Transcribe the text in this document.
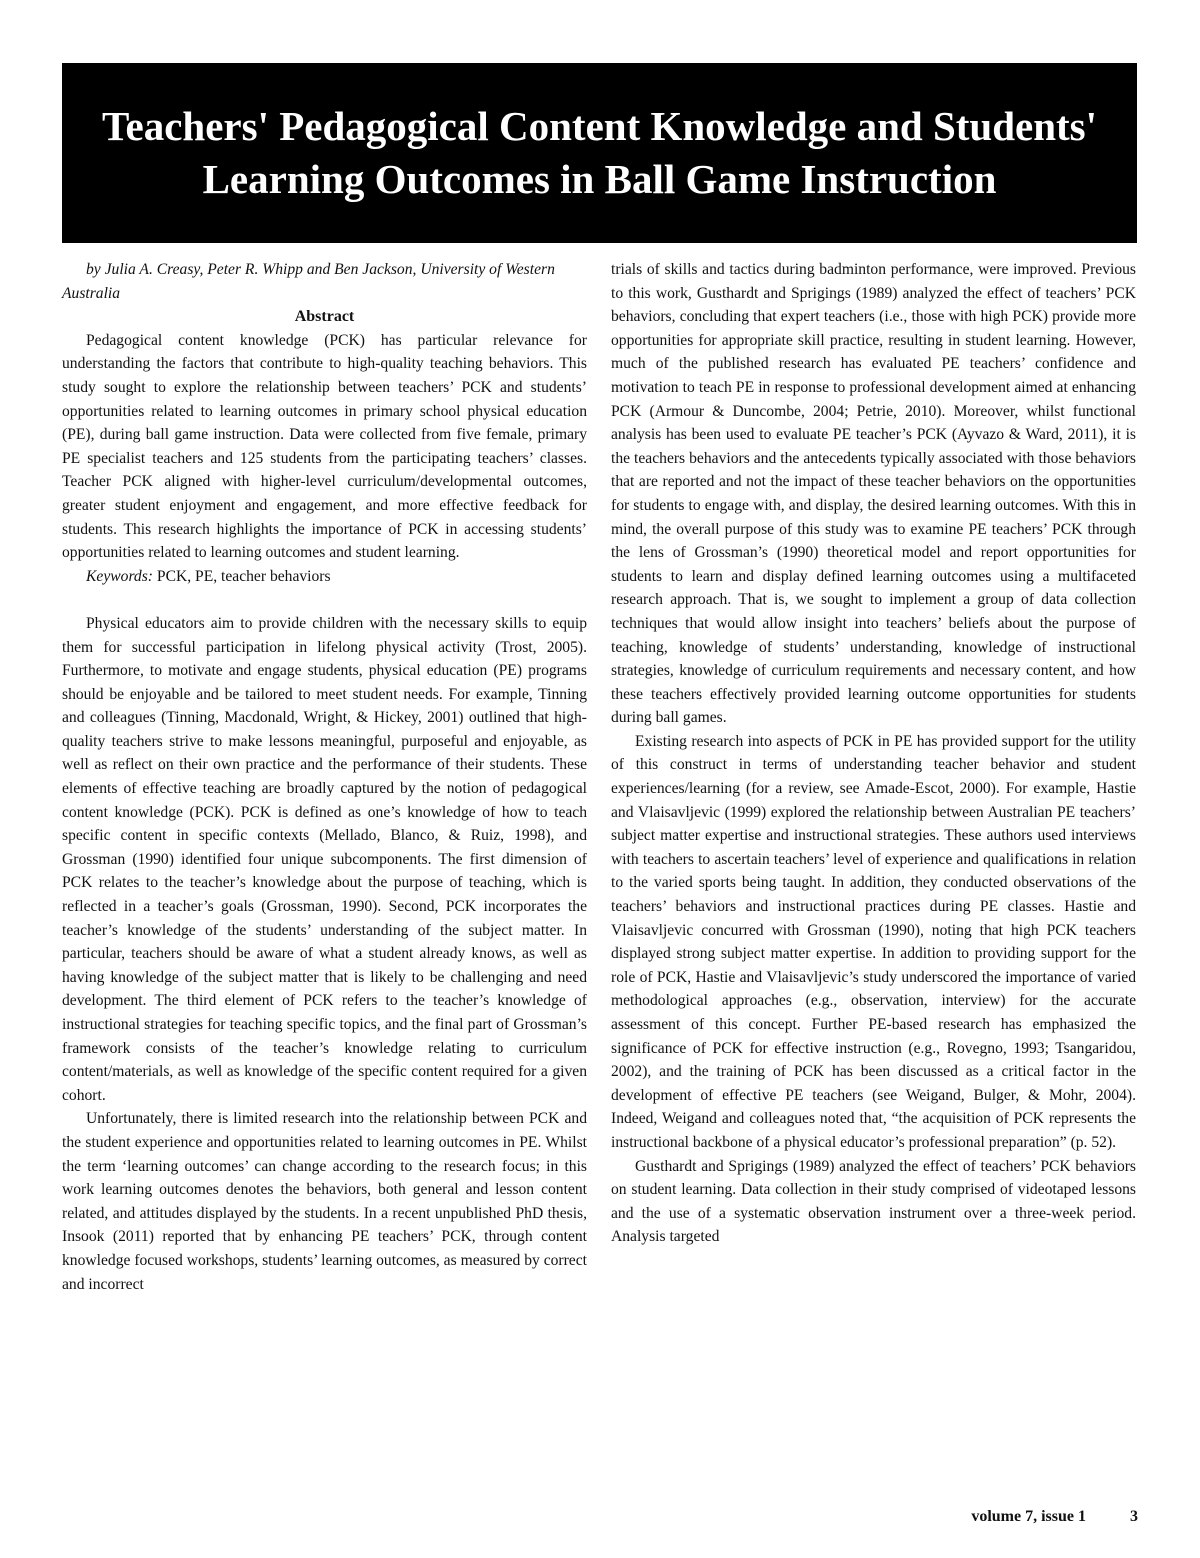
Teachers' Pedagogical Content Knowledge and Students' Learning Outcomes in Ball Game Instruction

by Julia A. Creasy, Peter R. Whipp and Ben Jackson, University of Western Australia

Abstract

Pedagogical content knowledge (PCK) has particular relevance for understanding the factors that contribute to high-quality teaching behaviors. This study sought to explore the relationship between teachers’ PCK and students’ opportunities related to learning outcomes in primary school physical education (PE), during ball game instruction. Data were collected from five female, primary PE specialist teachers and 125 students from the participating teachers’ classes. Teacher PCK aligned with higher-level curriculum/developmental outcomes, greater student enjoyment and engagement, and more effective feedback for students. This research highlights the importance of PCK in accessing students’ opportunities related to learning outcomes and student learning.

Keywords: PCK, PE, teacher behaviors

Physical educators aim to provide children with the necessary skills to equip them for successful participation in lifelong physical activity (Trost, 2005). Furthermore, to motivate and engage students, physical education (PE) programs should be enjoyable and be tailored to meet student needs. For example, Tinning and colleagues (Tinning, Macdonald, Wright, & Hickey, 2001) outlined that high-quality teachers strive to make lessons meaningful, purposeful and enjoyable, as well as reflect on their own practice and the performance of their students. These elements of effective teaching are broadly captured by the notion of pedagogical content knowledge (PCK). PCK is defined as one’s knowledge of how to teach specific content in specific contexts (Mellado, Blanco, & Ruiz, 1998), and Grossman (1990) identified four unique subcomponents. The first dimension of PCK relates to the teacher’s knowledge about the purpose of teaching, which is reflected in a teacher’s goals (Grossman, 1990). Second, PCK incorporates the teacher’s knowledge of the students’ understanding of the subject matter. In particular, teachers should be aware of what a student already knows, as well as having knowledge of the subject matter that is likely to be challenging and need development. The third element of PCK refers to the teacher’s knowledge of instructional strategies for teaching specific topics, and the final part of Grossman’s framework consists of the teacher’s knowledge relating to curriculum content/materials, as well as knowledge of the specific content required for a given cohort.

Unfortunately, there is limited research into the relationship between PCK and the student experience and opportunities related to learning outcomes in PE. Whilst the term ‘learning outcomes’ can change according to the research focus; in this work learning outcomes denotes the behaviors, both general and lesson content related, and attitudes displayed by the students. In a recent unpublished PhD thesis, Insook (2011) reported that by enhancing PE teachers’ PCK, through content knowledge focused workshops, students’ learning outcomes, as measured by correct and incorrect

trials of skills and tactics during badminton performance, were improved. Previous to this work, Gusthardt and Sprigings (1989) analyzed the effect of teachers’ PCK behaviors, concluding that expert teachers (i.e., those with high PCK) provide more opportunities for appropriate skill practice, resulting in student learning. However, much of the published research has evaluated PE teachers’ confidence and motivation to teach PE in response to professional development aimed at enhancing PCK (Armour & Duncombe, 2004; Petrie, 2010). Moreover, whilst functional analysis has been used to evaluate PE teacher’s PCK (Ayvazo & Ward, 2011), it is the teachers behaviors and the antecedents typically associated with those behaviors that are reported and not the impact of these teacher behaviors on the opportunities for students to engage with, and display, the desired learning outcomes. With this in mind, the overall purpose of this study was to examine PE teachers’ PCK through the lens of Grossman’s (1990) theoretical model and report opportunities for students to learn and display defined learning outcomes using a multifaceted research approach. That is, we sought to implement a group of data collection techniques that would allow insight into teachers’ beliefs about the purpose of teaching, knowledge of students’ understanding, knowledge of instructional strategies, knowledge of curriculum requirements and necessary content, and how these teachers effectively provided learning outcome opportunities for students during ball games.

Existing research into aspects of PCK in PE has provided support for the utility of this construct in terms of understanding teacher behavior and student experiences/learning (for a review, see Amade-Escot, 2000). For example, Hastie and Vlaisavljevic (1999) explored the relationship between Australian PE teachers’ subject matter expertise and instructional strategies. These authors used interviews with teachers to ascertain teachers’ level of experience and qualifications in relation to the varied sports being taught. In addition, they conducted observations of the teachers’ behaviors and instructional practices during PE classes. Hastie and Vlaisavljevic concurred with Grossman (1990), noting that high PCK teachers displayed strong subject matter expertise. In addition to providing support for the role of PCK, Hastie and Vlaisavljevic’s study underscored the importance of varied methodological approaches (e.g., observation, interview) for the accurate assessment of this concept. Further PE-based research has emphasized the significance of PCK for effective instruction (e.g., Rovegno, 1993; Tsangaridou, 2002), and the training of PCK has been discussed as a critical factor in the development of effective PE teachers (see Weigand, Bulger, & Mohr, 2004). Indeed, Weigand and colleagues noted that, “the acquisition of PCK represents the instructional backbone of a physical educator’s professional preparation” (p. 52).

Gusthardt and Sprigings (1989) analyzed the effect of teachers’ PCK behaviors on student learning. Data collection in their study comprised of videotaped lessons and the use of a systematic observation instrument over a three-week period. Analysis targeted

volume 7, issue 1	3
